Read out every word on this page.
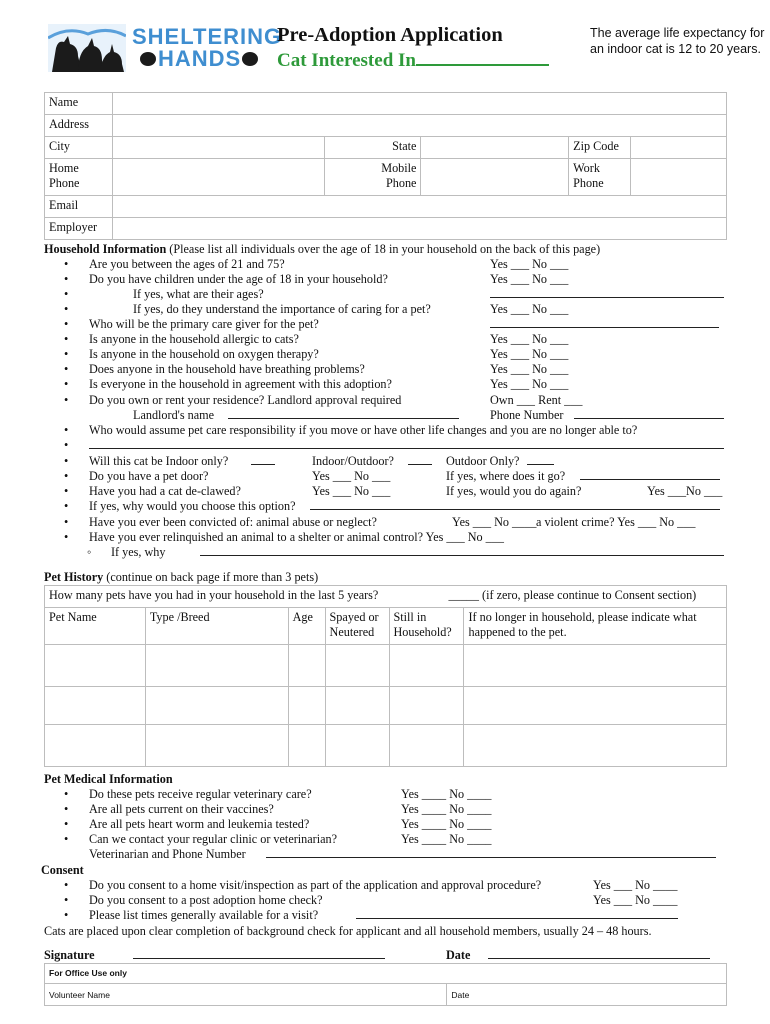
SHELTERING
HANDS
Pre-Adoption Application
Cat Interested In
The average life expectancy for an indoor cat is 12 to 20 years.
Name					
Address					
City		State		Zip Code	
Home Phone		Mobile Phone		Work Phone	
Email					
Employer					
Household Information (Please list all individuals over the age of 18 in your household on the back of this page)
• Are you between the ages of 21 and 75?	Yes ___ No ___
• Do you have children under the age of 18 in your household?	Yes ___ No ___
•	If yes, what are their ages?
•	If yes, do they understand the importance of caring for a pet?	Yes ___ No ___
• Who will be the primary care giver for the pet?
• Is anyone in the household allergic to cats?	Yes ___ No ___
• Is anyone in the household on oxygen therapy?	Yes ___ No ___
• Does anyone in the household have breathing problems?	Yes ___ No ___
• Is everyone in the household in agreement with this adoption?	Yes ___ No ___
• Do you own or rent your residence? Landlord approval required	Own ___ Rent ___
Landlord's name	Phone Number
• Who would assume pet care responsibility if you move or have other life changes and you are no longer able to?
•
• Will this cat be Indoor only?	Indoor/Outdoor?	Outdoor Only?
• Do you have a pet door?	Yes ___ No ___	If yes, where does it go?
• Have you had a cat de-clawed?	Yes ___ No ___	If yes, would you do again?	Yes ___No ___
• If yes, why would you choose this option?
• Have you ever been convicted of: animal abuse or neglect?	Yes ___ No ____ a violent crime? Yes ___ No ___
• Have you ever relinquished an animal to a shelter or animal control? Yes ___ No ___
◦ If yes, why
Pet History (continue on back page if more than 3 pets)
How many pets have you had in your household in the last 5 years? _____ (if zero, please continue to Consent section)					

Pet Name	Type /Breed	Age	Spayed or Neutered	Still in Household?	If no longer in household, please indicate what happened to the pet.

Pet Medical Information
• Do these pets receive regular veterinary care?	Yes ____ No ____
• Are all pets current on their vaccines?	Yes ____ No ____
• Are all pets heart worm and leukemia tested?	Yes ____ No ____
• Can we contact your regular clinic or veterinarian?	Yes ____ No ____
Veterinarian and Phone Number
Consent
• Do you consent to a home visit/inspection as part of the application and approval procedure?	Yes ___ No ____
• Do you consent to a post adoption home check?	Yes ___ No ____
• Please list times generally available for a visit?
Cats are placed upon clear completion of background check for applicant and all household members, usually 24 – 48 hours.
Signature	Date
For Office Use only
Volunteer Name	Date
